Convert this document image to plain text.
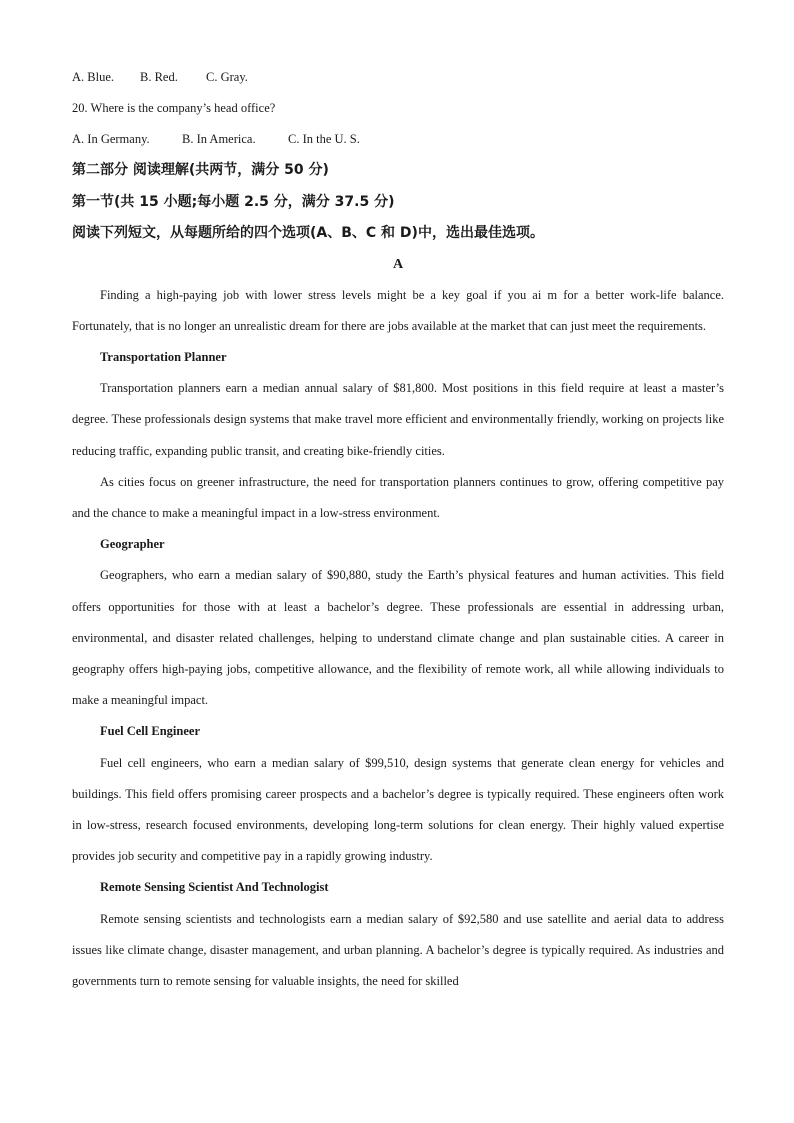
A. Blue. B. Red. C. Gray.
20. Where is the company’s head office?
A. In Germany.	B. In America.	C. In the U. S.
第二部分 阅读理解(共两节，满分 50 分)
第一节(共 15 小题;每小题 2.5 分，满分 37.5 分)
阅读下列短文，从每题所给的四个选项(A、B、C 和 D)中，选出最佳选项。
A

Finding a high-paying job with lower stress levels might be a key goal if you ai m for a better work-life balance. Fortunately, that is no longer an unrealistic dream for there are jobs available at the market that can just meet the requirements.

Transportation Planner

Transportation planners earn a median annual salary of $81,800. Most positions in this field require at least a master’s degree. These professionals design systems that make travel more efficient and environmentally friendly, working on projects like reducing traffic, expanding public transit, and creating bike-friendly cities.

As cities focus on greener infrastructure, the need for transportation planners continues to grow, offering competitive pay and the chance to make a meaningful impact in a low-stress environment.

Geographer

Geographers, who earn a median salary of $90,880, study the Earth’s physical features and human activities. This field offers opportunities for those with at least a bachelor’s degree. These professionals are essential in addressing urban, environmental, and disaster related challenges, helping to understand climate change and plan sustainable cities. A career in geography offers high-paying jobs, competitive allowance, and the flexibility of remote work, all while allowing individuals to make a meaningful impact.

Fuel Cell Engineer

Fuel cell engineers, who earn a median salary of $99,510, design systems that generate clean energy for vehicles and buildings. This field offers promising career prospects and a bachelor’s degree is typically required. These engineers often work in low-stress, research focused environments, developing long-term solutions for clean energy. Their highly valued expertise provides job security and competitive pay in a rapidly growing industry.

Remote Sensing Scientist And Technologist

Remote sensing scientists and technologists earn a median salary of $92,580 and use satellite and aerial data to address issues like climate change, disaster management, and urban planning. A bachelor’s degree is typically required. As industries and governments turn to remote sensing for valuable insights, the need for skilled
